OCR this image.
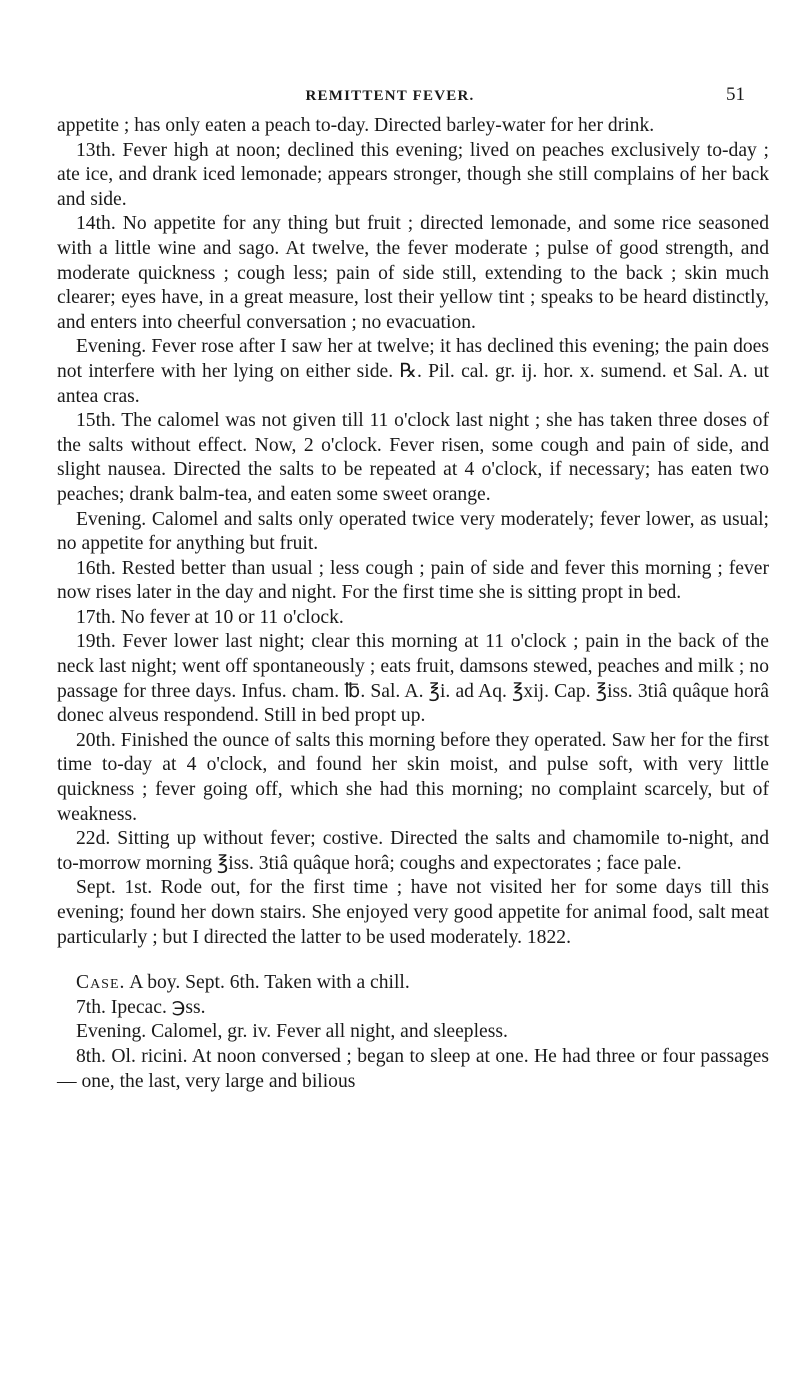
REMITTENT FEVER.	51

appetite ; has only eaten a peach to-day. Directed barley-water for her drink.

13th. Fever high at noon; declined this evening; lived on peaches exclusively to-day ; ate ice, and drank iced lemonade; appears stronger, though she still complains of her back and side.

14th. No appetite for any thing but fruit ; directed lemonade, and some rice seasoned with a little wine and sago. At twelve, the fever moderate ; pulse of good strength, and moderate quickness ; cough less; pain of side still, extending to the back ; skin much clearer; eyes have, in a great measure, lost their yellow tint ; speaks to be heard distinctly, and enters into cheerful conversation ; no evacuation.

Evening. Fever rose after I saw her at twelve; it has declined this evening; the pain does not interfere with her lying on either side. ℞. Pil. cal. gr. ij. hor. x. sumend. et Sal. A. ut antea cras.

15th. The calomel was not given till 11 o'clock last night ; she has taken three doses of the salts without effect. Now, 2 o'clock. Fever risen, some cough and pain of side, and slight nausea. Directed the salts to be repeated at 4 o'clock, if necessary; has eaten two peaches; drank balm-tea, and eaten some sweet orange.

Evening. Calomel and salts only operated twice very moderately; fever lower, as usual; no appetite for anything but fruit.

16th. Rested better than usual ; less cough ; pain of side and fever this morning ; fever now rises later in the day and night. For the first time she is sitting propt in bed.

17th. No fever at 10 or 11 o'clock.

19th. Fever lower last night; clear this morning at 11 o'clock ; pain in the back of the neck last night; went off spontaneously ; eats fruit, damsons stewed, peaches and milk ; no passage for three days. Infus. cham. ℔. Sal. A. ℥i. ad Aq. ℥xij. Cap. ℥iss. 3tiâ quâque horâ donec alveus respondend. Still in bed propt up.

20th. Finished the ounce of salts this morning before they operated. Saw her for the first time to-day at 4 o'clock, and found her skin moist, and pulse soft, with very little quickness ; fever going off, which she had this morning; no complaint scarcely, but of weakness.

22d. Sitting up without fever; costive. Directed the salts and chamomile to-night, and to-morrow morning ℥iss. 3tiâ quâque horâ; coughs and expectorates ; face pale.

Sept. 1st. Rode out, for the first time ; have not visited her for some days till this evening; found her down stairs. She enjoyed very good appetite for animal food, salt meat particularly ; but I directed the latter to be used moderately. 1822.

Case. A boy. Sept. 6th. Taken with a chill.

7th. Ipecac. ℈ss.

Evening. Calomel, gr. iv. Fever all night, and sleepless.

8th. Ol. ricini. At noon conversed ; began to sleep at one. He had three or four passages — one, the last, very large and bilious
